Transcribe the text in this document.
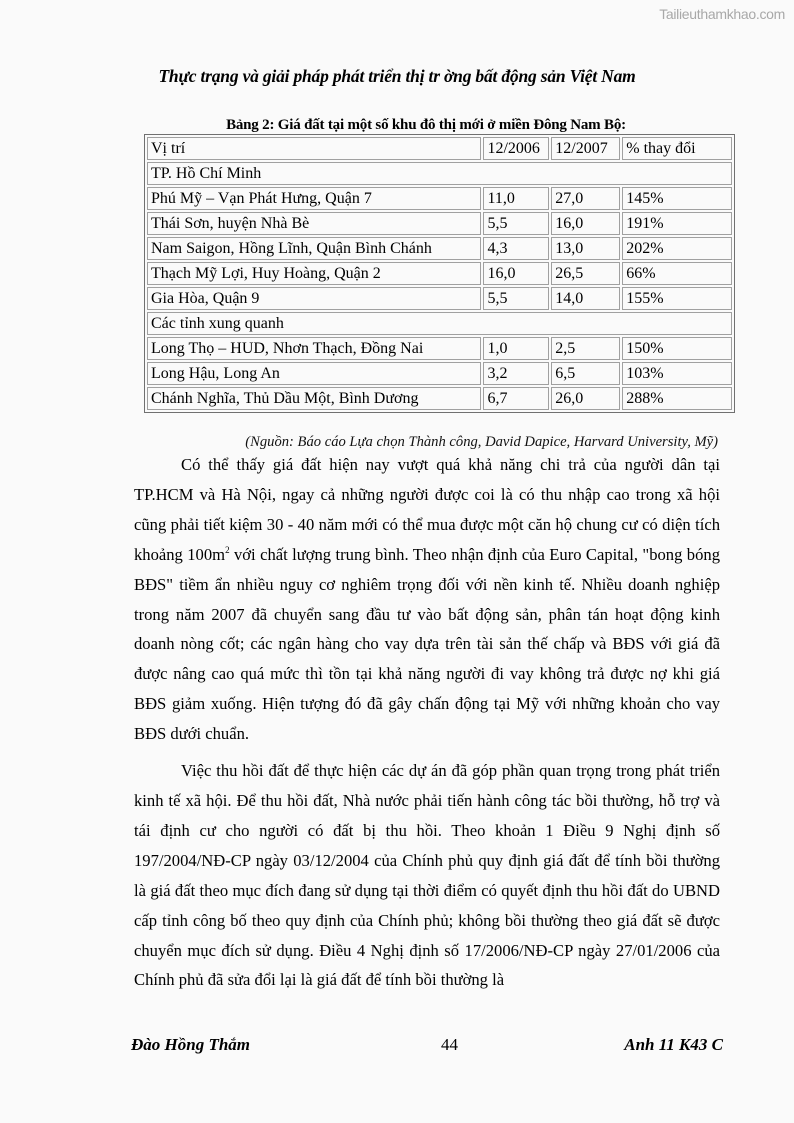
Tailieuthamkhao.com
Thực trạng và giải pháp phát triển thị tr ờng bất động sản Việt Nam
Bảng 2: Giá đất tại một số khu đô thị mới ở miền Đông Nam Bộ:
Vị trí	12/2006	12/2007	% thay đổi
TP. Hồ Chí Minh			
Phú Mỹ – Vạn Phát Hưng, Quận 7	11,0	27,0	145%
Thái Sơn, huyện Nhà Bè	5,5	16,0	191%
Nam Saigon, Hồng Lĩnh, Quận Bình Chánh	4,3	13,0	202%
Thạch Mỹ Lợi, Huy Hoàng, Quận 2	16,0	26,5	66%
Gia Hòa, Quận 9	5,5	14,0	155%
Các tỉnh xung quanh			
Long Thọ – HUD, Nhơn Thạch, Đồng Nai	1,0	2,5	150%
Long Hậu, Long An	3,2	6,5	103%
Chánh Nghĩa, Thủ Dầu Một, Bình Dương	6,7	26,0	288%
(Nguồn: Báo cáo Lựa chọn Thành công, David Dapice, Harvard University, Mỹ)

Có thể thấy giá đất hiện nay vượt quá khả năng chi trả của người dân tại TP.HCM và Hà Nội, ngay cả những người được coi là có thu nhập cao trong xã hội cũng phải tiết kiệm 30 - 40 năm mới có thể mua được một căn hộ chung cư có diện tích khoảng $100m^2$ với chất lượng trung bình. Theo nhận định của Euro Capital, "bong bóng BĐS" tiềm ẩn nhiều nguy cơ nghiêm trọng đối với nền kinh tế. Nhiều doanh nghiệp trong năm 2007 đã chuyển sang đầu tư vào bất động sản, phân tán hoạt động kinh doanh nòng cốt; các ngân hàng cho vay dựa trên tài sản thế chấp và BĐS với giá đã được nâng cao quá mức thì tồn tại khả năng người đi vay không trả được nợ khi giá BĐS giảm xuống. Hiện tượng đó đã gây chấn động tại Mỹ với những khoản cho vay BĐS dưới chuẩn.

Việc thu hồi đất để thực hiện các dự án đã góp phần quan trọng trong phát triển kinh tế xã hội. Để thu hồi đất, Nhà nước phải tiến hành công tác bồi thường, hỗ trợ và tái định cư cho người có đất bị thu hồi. Theo khoản 1 Điều 9 Nghị định số 197/2004/NĐ-CP ngày 03/12/2004 của Chính phủ quy định giá đất để tính bồi thường là giá đất theo mục đích đang sử dụng tại thời điểm có quyết định thu hồi đất do UBND cấp tỉnh công bố theo quy định của Chính phủ; không bồi thường theo giá đất sẽ được chuyển mục đích sử dụng. Điều 4 Nghị định số 17/2006/NĐ-CP ngày 27/01/2006 của Chính phủ đã sửa đổi lại là giá đất để tính bồi thường là

Đào Hồng Thắm	44	Anh 11 K43 C
